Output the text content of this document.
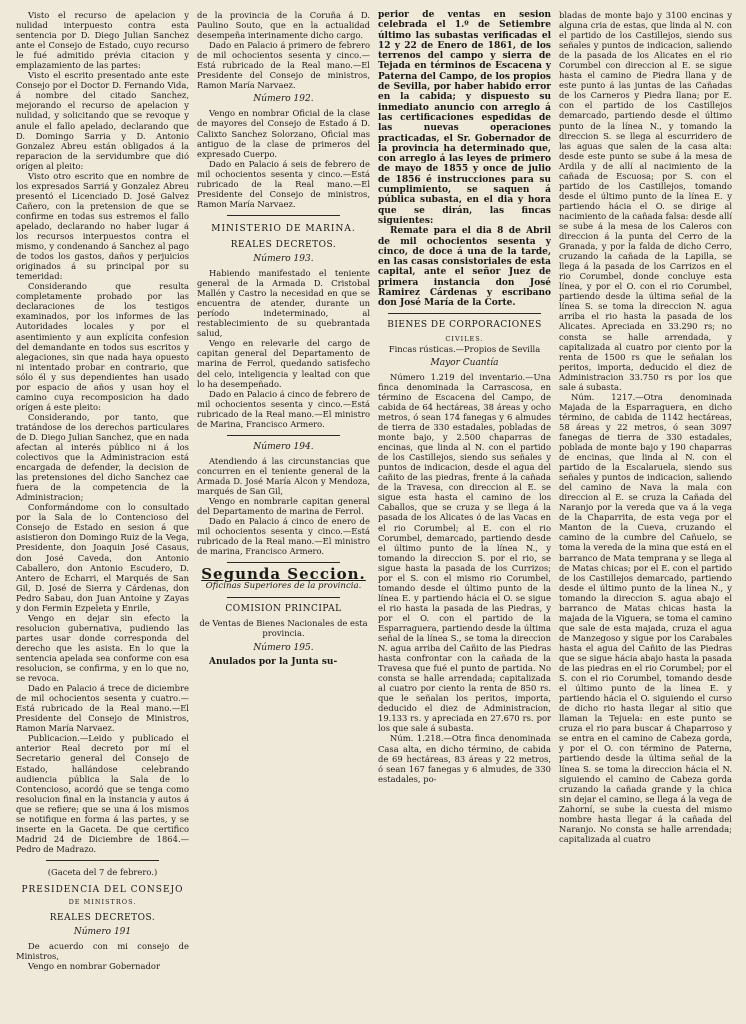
Visto el recurso de apelacion y nulidad interpuesto contra esta sentencia por D. Diego Julian Sanchez ante el Consejo de Estado, cuyo recurso le fué admitido prévia citacion y emplazamiento de las partes:

Visto el escrito presentado ante este Consejo por el Doctor D. Fernando Vida, á nombre del citado Sanchez, mejorando el recurso de apelacion y nulidad, y solicitando que se revoque y anule el fallo apelado, declarando que D. Domingo Sarria y D. Antonio Gonzalez Abreu están obligados á la reparacion de la servidumbre que dió orígen al pleito:

Visto otro escrito que en nombre de los expresados Sarriá y Gonzalez Abreu presentó el Licenciado D. José Galvez Cañero, con la pretension de que se confirme en todas sus estremos el fallo apelado, declarando no haber lugar á los recursos interpuestos contra el mismo, y condenando á Sanchez al pago de todos los gastos, daños y perjuicios originados á su principal por su temeridad:

Considerando que resulta completamente probado por las declaraciones de los testigos examinados, por los informes de las Autoridades locales y por el asentimiento y aun explícita confesion del demandante en todos sus escritos y alegaciones, sin que nada haya opuesto ni intentado probar en contrario, que sólo él y sus dependientes han usado por espacio de años y usan hoy el camino cuya recomposicion ha dado orígen á este pleito:

Considerando, por tanto, que tratándose de los derechos particulares de D. Diego Julian Sanchez, que en nada afectan al interés público ni á los colectivos que la Administracion está encargada de defender, la decision de las pretensiones del dicho Sanchez cae fuera de la competencia de la Administracion;

Conformándome con lo consultado por la Sala de lo Contencioso del Consejo de Estado en sesion á que asistieron don Domingo Ruiz de la Vega, Presidente, don Joaquin José Casaus, don José Caveda, don Antonio Caballero, don Antonio Escudero, D. Antero de Echarri, el Marqués de San Gil, D. José de Sierra y Cárdenas, don Pedro Sabau, don Juan Antoine y Zayas y don Fermin Ezpeleta y Enrile,

Vengo en dejar sin efecto la resolucion gubernativa, pudiendo las partes usar donde corresponda del derecho que les asista. En lo que la sentencia apelada sea conforme con esa resolucion, se confirma, y en lo que no, se revoca.

Dado en Palacio á trece de diciembre de mil ochocientos sesenta y cuatro.—Está rubricado de la Real mano.—El Presidente del Consejo de Ministros, Ramon María Narvaez.

Publicacion.—Leido y publicado el anterior Real decreto por mí el Secretario general del Consejo de Estado, hallándose celebrando audiencia pública la Sala de lo Contencioso, acordó que se tenga como resolucion final en la instancia y autos á que se refiere; que se una á los mismos se notifique en forma á las partes, y se inserte en la Gaceta. De que certifico Madrid 24 de Diciembre de 1864.—Pedro de Madrazo.

(Gaceta del 7 de febrero.)

PRESIDENCIA DEL CONSEJO
DE MINISTROS.
REALES DECRETOS.
Número 191

De acuerdo con mi consejo de Ministros,

Vengo en nombrar Gobernador

de la provincia de la Coruña á D. Paulino Souto, que en la actualidad desempeña interinamente dicho cargo.

Dado en Palacio á primero de febrero de mil ochocientos sesenta y cinco.—Está rubricado de la Real mano.—El Presidente del Consejo de ministros, Ramon María Narvaez.

Número 192.

Vengo en nombrar Oficial de la clase de mayores del Consejo de Estado á D. Calixto Sanchez Solorzano, Oficial mas antiguo de la clase de primeros del expresado Cuerpo.

Dado en Palacio á seis de febrero de mil ochocientos sesenta y cinco.—Está rubricado de la Real mano.—El Presidente del Consejo de ministros, Ramon María Narvaez.

MINISTERIO DE MARINA.
REALES DECRETOS.
Número 193.

Habiendo manifestado el teniente general de la Armada D. Cristobal Mallén y Castro la necesidad en que se encuentra de atender, durante un período indeterminado, al restablecimiento de su quebrantada salud,

Vengo en relevarle del cargo de capitan general del Departamento de marina de Ferrol, quedando satisfecho del celo, inteligencia y lealtad con que lo ha desempeñado.

Dado en Palacio á cinco de febrero de mil ochocientos sesenta y cinco.—Está rubricado de la Real mano.—El ministro de Marina, Francisco Armero.

Número 194.

Atendiendo á las circunstancias que concurren en el teniente general de la Armada D. José María Alcon y Mendoza, marqués de San Gil,

Vengo en nombrarle capitan general del Departamento de marina de Ferrol.

Dado en Palacio á cinco de enero de mil ochocientos sesenta y cinco.—Está rubricado de la Real mano.—El ministro de marina, Francisco Armero.

Segunda Seccion.
Oficinas Superiores de la provincia.
COMISION PRINCIPAL

de Ventas de Bienes Nacionales de esta provincia.

Número 195.

Anulados por la Junta su-

perior de ventas en sesion celebrada el 1.º de Setiembre último las subastas verificadas el 12 y 22 de Enero de 1861, de los terrenos del campo y sierra de Tejada en términos de Escacena y Paterna del Campo, de los propios de Sevilla, por haber habido error en la cabida; y dispuesto su inmediato anuncio con arreglo á las certificaciones espedidas de las nuevas operaciones practicadas, el Sr. Gobernador de la provincia ha determinado que, con arreglo á las leyes de primero de mayo de 1855 y once de julio de 1856 é instrucciones para su cumplimiento, se saquen á pública subasta, en el dia y hora que se dirán, las fincas siguientes:

Remate para el dia 8 de Abril de mil ochocientos sesenta y cinco, de doce á una de la tarde, en las casas consistoriales de esta capital, ante el señor Juez de primera instancia don José Ramirez Cárdenas y escribano don José María de la Corte.

BIENES DE CORPORACIONES
CIVILES.

Fincas rústicas.—Propios de Sevilla

Mayor Cuantía

Número 1.219 del inventario.—Una finca denominada la Carrascosa, en término de Escacena del Campo, de cabida de 64 hectáreas, 38 áreas y ocho metros, ó sean 174 fanegas y 6 almudes de tierra de 330 estadales, pobladas de monte bajo, y 2.500 chaparras de encinas, que linda al N. con el partido de los Castillejos, siendo sus señales y puntos de indicacion, desde el agua del cañito de las piedras, frente á la cañada de la Travesa, con direccion al E. se sigue esta hasta el camino de los Caballos, que se cruza y se llega á la pasada de los Alicates ó de las Vacas en el rio Corumbel; al E. con el rio Corumbel, demarcado, partiendo desde el último punto de la línea N., y tomando la direccion S. por el rio, se sigue hasta la pasada de los Currizos; por el S. con el mismo rio Corumbel, tomando desde el último punto de la línea E. y partiendo hácia el O. se sigue el rio hasta la pasada de las Piedras, y por el O. con el partido de la Esparraguera, partiendo desde la última señal de la línea S., se toma la direccion N. agua arriba del Cañito de las Piedras hasta confrontar con la cañada de la Travesa que fué el punto de partida. No consta se halle arrendada; capitalizada al cuatro por ciento la renta de 850 rs. que le señalan los peritos, importa, deducido el diez de Administracion, 19.133 rs. y apreciada en 27.670 rs. por los que sale á subasta.

Núm. 1.218.—Otra finca denominada Casa alta, en dicho término, de cabida de 69 hectáreas, 83 áreas y 22 metros, ó sean 167 fanegas y 6 almudes, de 330 estadales, po-

bladas de monte bajo y 3100 encinas y alguna cria de estas, que linda al N. con el partido de los Castillejos, siendo sus señales y puntos de indicacion, saliendo de la pasada de los Alicates en el rio Corumbel con direccion al E. se sigue hasta el camino de Piedra llana y de este punto á las juntas de las Cañadas de los Carneros y Piedra llana; por E. con el partido de los Castillejos demarcado, partiendo desde el último punto de la línea N., y tomando la direccion S. se llega al escurridero de las aguas que salen de la casa alta: desde este punto se sube á la mesa de Ardila y de allí al nacimiento de la cañada de Escuosa; por S. con el partido de los Castillejos, tomando desde el último punto de la línea E. y partiendo hácia el O. se dirige al nacimiento de la cañada falsa: desde allí se sube á la mesa de los Caleros con direccion á la punta del Cerro de la Granada, y por la falda de dicho Cerro, cruzando la cañada de la Lapilla, se llega á la pasada de los Carrizos en el rio Corumbel, donde concluye esta línea, y por el O. con el rio Corumbel, partiendo desde la última señal de la línea S. se toma la direccion N. agua arriba el rio hasta la pasada de los Alicates. Apreciada en 33.290 rs; no consta se halle arrendada, y capitalizada al cuatro por ciento por la renta de 1500 rs que le señalan los peritos, importa, deducido el diez de Administracion 33.750 rs por los que sale á subasta.

Núm. 1217.—Otra denominada Majada de la Esparraguera, en dicho término, de cabida de 1142 hectáreas, 58 áreas y 22 metros, ó sean 3097 fanegas de tierra de 330 estadales, poblada de monte bajo y 190 chaparras de encinas, que linda al N. con el partido de la Escalaruela, siendo sus señales y puntos de indicacion, saliendo del camino de Nava la mala con direccion al E. se cruza la Cañada del Naranjo por la vereda que va á la vega de la Chaparrita, de esta vega por el Manton de la Cueva, cruzando el camino de la cumbre del Cañuelo, se toma la vereda de la mina que está en el barranco de Mata temprana y se llega al de Matas chicas; por el E. con el partido de los Castillejos demarcado, partiendo desde el último punto de la línea N., y tomando la direccion S. agua abajo el barranco de Matas chicas hasta la majada de la Viguera, se toma el camino que sale de esta majada, cruza el agua de Manzegoso y sigue por los Carabales hasta el agua del Cañito de las Piedras que se sigue hácia abajo hasta la pasada de las piedras en el rio Corumbel; por el S. con el rio Corumbel, tomando desde el último punto de la línea E. y partiendo hácia el O. siguiendo el curso de dicho rio hasta llegar al sitio que llaman la Tejuela: en este punto se cruza el rio para buscar á Chaparroso y se entra en el camino de Cabeza gorda, y por el O. con término de Paterna, partiendo desde la última señal de la línea S. se toma la direccion hácia el N. siguiendo el camino de Cabeza gorda cruzando la cañada grande y la chica sin dejar el camino, se llega á la vega de Zahorní, se sube la cuesta del mismo nombre hasta llegar á la cañada del Naranjo. No consta se halle arrendada; capitalizada al cuatro
